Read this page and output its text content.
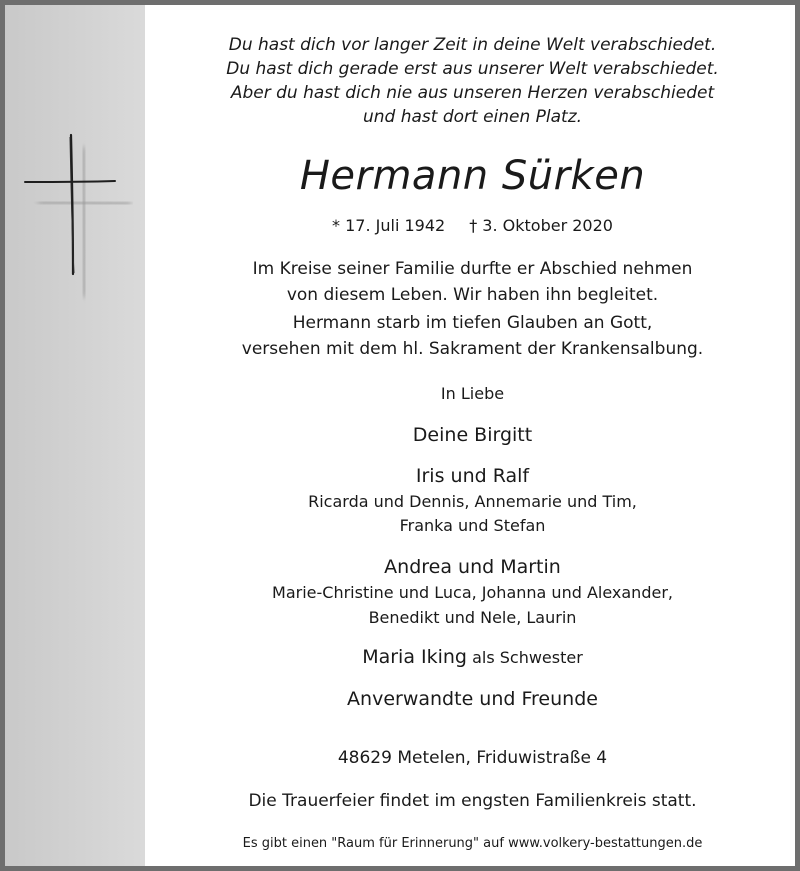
Du hast dich vor langer Zeit in deine Welt verabschiedet.
Du hast dich gerade erst aus unserer Welt verabschiedet.
Aber du hast dich nie aus unseren Herzen verabschiedet
und hast dort einen Platz.
Hermann Sürken
* 17. Juli 1942 † 3. Oktober 2020
Im Kreise seiner Familie durfte er Abschied nehmen
von diesem Leben. Wir haben ihn begleitet.
Hermann starb im tiefen Glauben an Gott,
versehen mit dem hl. Sakrament der Krankensalbung.
In Liebe
Deine Birgitt
Iris und Ralf
Ricarda und Dennis, Annemarie und Tim,
Franka und Stefan
Andrea und Martin
Marie-Christine und Luca, Johanna und Alexander,
Benedikt und Nele, Laurin
Maria Iking als Schwester
Anverwandte und Freunde
48629 Metelen, Friduwistraße 4
Die Trauerfeier findet im engsten Familienkreis statt.
Es gibt einen "Raum für Erinnerung" auf www.volkery-bestattungen.de
